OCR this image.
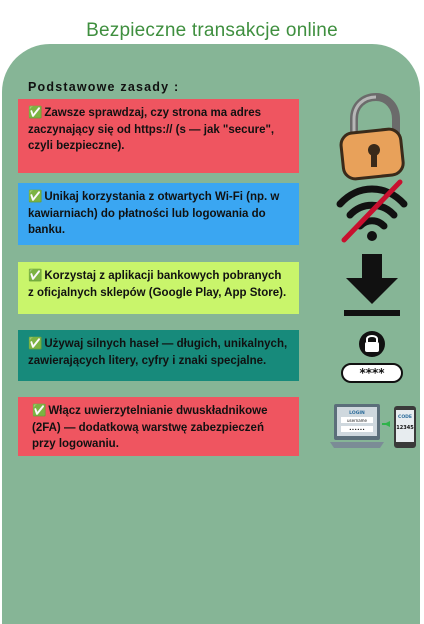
Bezpieczne transakcje online
Podstawowe zasady :
✅ Zawsze sprawdzaj, czy strona ma adres zaczynający się od https:// (s — jak "secure", czyli bezpieczne).
✅ Unikaj korzystania z otwartych Wi-Fi (np. w kawiarniach) do płatności lub logowania do banku.
✅ Korzystaj z aplikacji bankowych pobranych z oficjalnych sklepów (Google Play, App Store).
✅ Używaj silnych haseł — długich, unikalnych, zawierających litery, cyfry i znaki specjalne.
✅ Włącz uwierzytelnianie dwuskładnikowe (2FA) — dodatkową warstwę zabezpieczeń przy logowaniu.
****
LOGIN
username
••••••
CODE
12345
